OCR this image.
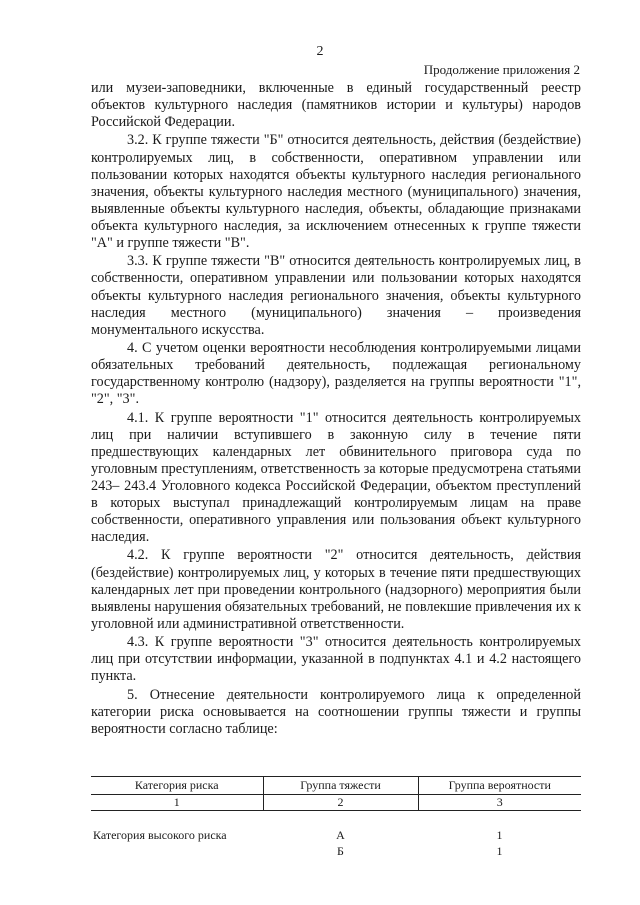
2
Продолжение приложения 2

или музеи-заповедники, включенные в единый государственный реестр объектов культурного наследия (памятников истории и культуры) народов Российской Федерации.

3.2. К группе тяжести "Б" относится деятельность, действия (бездействие) контролируемых лиц, в собственности, оперативном управлении или пользовании которых находятся объекты культурного наследия регионального значения, объекты культурного наследия местного (муниципального) значения, выявленные объекты культурного наследия, объекты, обладающие признаками объекта культурного наследия, за исключением отнесенных к группе тяжести "А" и группе тяжести "В".

3.3. К группе тяжести "В" относится деятельность контролируемых лиц, в собственности, оперативном управлении или пользовании которых находятся объекты культурного наследия регионального значения, объекты культурного наследия местного (муниципального) значения – произведения монументального искусства.

4. С учетом оценки вероятности несоблюдения контролируемыми лицами обязательных требований деятельность, подлежащая региональному государственному контролю (надзору), разделяется на группы вероятности "1", "2", "3".

4.1. К группе вероятности "1" относится деятельность контролируемых лиц при наличии вступившего в законную силу в течение пяти предшествующих календарных лет обвинительного приговора суда по уголовным преступлениям, ответственность за которые предусмотрена статьями 243– 243.4 Уголовного кодекса Российской Федерации, объектом преступлений в которых выступал принадлежащий контролируемым лицам на праве собственности, оперативного управления или пользования объект культурного наследия.

4.2. К группе вероятности "2" относится деятельность, действия (бездействие) контролируемых лиц, у которых в течение пяти предшествующих календарных лет при проведении контрольного (надзорного) мероприятия были выявлены нарушения обязательных требований, не повлекшие привлечения их к уголовной или административной ответственности.

4.3. К группе вероятности "3" относится деятельность контролируемых лиц при отсутствии информации, указанной в подпунктах 4.1 и 4.2 настоящего пункта.

5. Отнесение деятельности контролируемого лица к определенной категории риска основывается на соотношении группы тяжести и группы вероятности согласно таблице:

Категория риска	Группа тяжести	Группа вероятности
1	2	3
Категория высокого риска	А	1
	Б	1
